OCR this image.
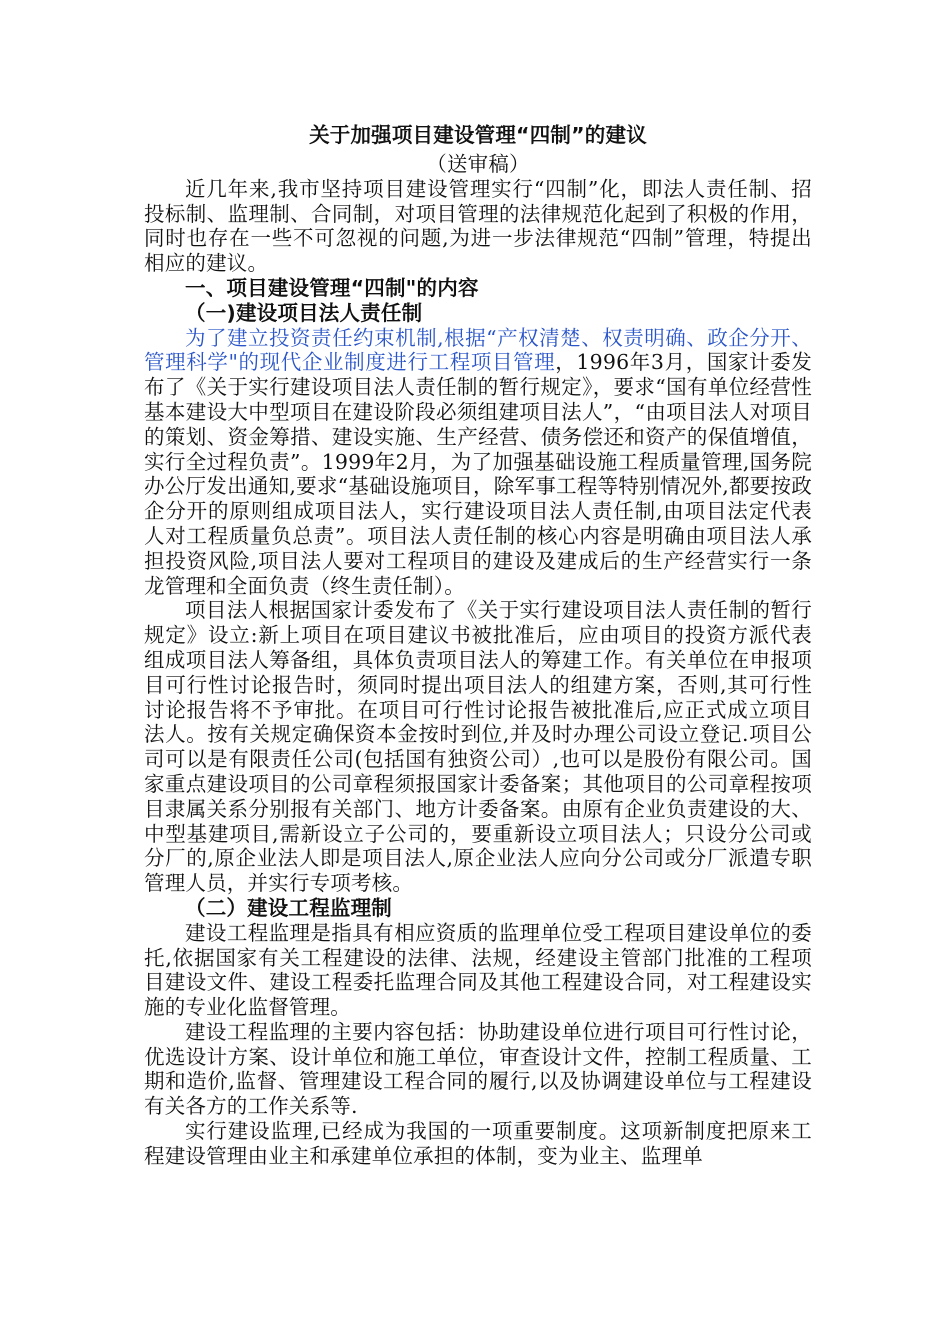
关于加强项目建设管理“四制”的建议

（送审稿）

近几年来,我市坚持项目建设管理实行“四制”化，即法人责任制、招投标制、监理制、合同制，对项目管理的法律规范化起到了积极的作用，同时也存在一些不可忽视的问题,为进一步法律规范“四制”管理，特提出相应的建议。

一、项目建设管理“四制"的内容
（一)建设项目法人责任制

为了建立投资责任约束机制,根据“产权清楚、权责明确、政企分开、管理科学"的现代企业制度进行工程项目管理，1996年3月，国家计委发布了《关于实行建设项目法人责任制的暂行规定》，要求“国有单位经营性基本建设大中型项目在建设阶段必须组建项目法人”，“由项目法人对项目的策划、资金筹措、建设实施、生产经营、债务偿还和资产的保值增值，实行全过程负责”。1999年2月，为了加强基础设施工程质量管理,国务院办公厅发出通知,要求“基础设施项目，除军事工程等特别情况外,都要按政企分开的原则组成项目法人，实行建设项目法人责任制,由项目法定代表人对工程质量负总责”。项目法人责任制的核心内容是明确由项目法人承担投资风险,项目法人要对工程项目的建设及建成后的生产经营实行一条龙管理和全面负责（终生责任制）。

项目法人根据国家计委发布了《关于实行建设项目法人责任制的暂行规定》设立:新上项目在项目建议书被批准后，应由项目的投资方派代表组成项目法人筹备组，具体负责项目法人的筹建工作。有关单位在申报项目可行性讨论报告时，须同时提出项目法人的组建方案，否则,其可行性讨论报告将不予审批。在项目可行性讨论报告被批准后,应正式成立项目法人。按有关规定确保资本金按时到位,并及时办理公司设立登记.项目公司可以是有限责任公司(包括国有独资公司）,也可以是股份有限公司。国家重点建设项目的公司章程须报国家计委备案；其他项目的公司章程按项目隶属关系分别报有关部门、地方计委备案。由原有企业负责建设的大、中型基建项目,需新设立子公司的，要重新设立项目法人；只设分公司或分厂的,原企业法人即是项目法人,原企业法人应向分公司或分厂派遣专职管理人员，并实行专项考核。

（二）建设工程监理制

建设工程监理是指具有相应资质的监理单位受工程项目建设单位的委托,依据国家有关工程建设的法律、法规，经建设主管部门批准的工程项目建设文件、建设工程委托监理合同及其他工程建设合同，对工程建设实施的专业化监督管理。

建设工程监理的主要内容包括：协助建设单位进行项目可行性讨论，优选设计方案、设计单位和施工单位，审查设计文件，控制工程质量、工期和造价,监督、管理建设工程合同的履行,以及协调建设单位与工程建设有关各方的工作关系等.

实行建设监理,已经成为我国的一项重要制度。这项新制度把原来工程建设管理由业主和承建单位承担的体制，变为业主、监理单
